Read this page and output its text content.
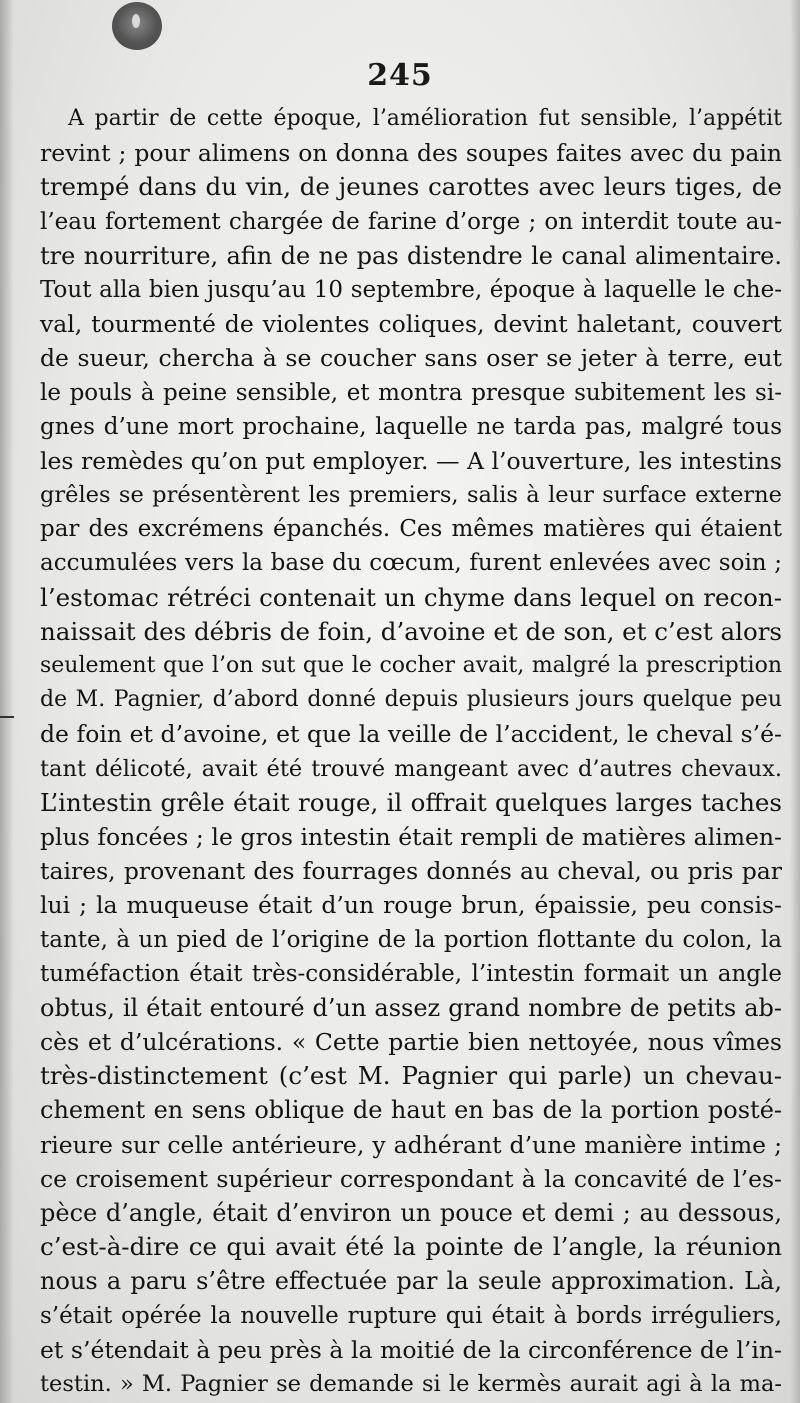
245
A partir de cette époque, l’amélioration fut sensible, l’appétit
revint ; pour alimens on donna des soupes faites avec du pain
trempé dans du vin, de jeunes carottes avec leurs tiges, de
l’eau fortement chargée de farine d’orge ; on interdit toute au-
tre nourriture, afin de ne pas distendre le canal alimentaire.
Tout alla bien jusqu’au 10 septembre, époque à laquelle le che-
val, tourmenté de violentes coliques, devint haletant, couvert
de sueur, chercha à se coucher sans oser se jeter à terre, eut
le pouls à peine sensible, et montra presque subitement les si-
gnes d’une mort prochaine, laquelle ne tarda pas, malgré tous
les remèdes qu’on put employer. — A l’ouverture, les intestins
grêles se présentèrent les premiers, salis à leur surface externe
par des excrémens épanchés. Ces mêmes matières qui étaient
accumulées vers la base du cœcum, furent enlevées avec soin ;
l’estomac rétréci contenait un chyme dans lequel on recon-
naissait des débris de foin, d’avoine et de son, et c’est alors
seulement que l’on sut que le cocher avait, malgré la prescription
de M. Pagnier, d’abord donné depuis plusieurs jours quelque peu
de foin et d’avoine, et que la veille de l’accident, le cheval s’é-
tant délicoté, avait été trouvé mangeant avec d’autres chevaux.
L’intestin grêle était rouge, il offrait quelques larges taches
plus foncées ; le gros intestin était rempli de matières alimen-
taires, provenant des fourrages donnés au cheval, ou pris par
lui ; la muqueuse était d’un rouge brun, épaissie, peu consis-
tante, à un pied de l’origine de la portion flottante du colon, la
tuméfaction était très-considérable, l’intestin formait un angle
obtus, il était entouré d’un assez grand nombre de petits ab-
cès et d’ulcérations. « Cette partie bien nettoyée, nous vîmes
très-distinctement (c’est M. Pagnier qui parle) un chevau-
chement en sens oblique de haut en bas de la portion posté-
rieure sur celle antérieure, y adhérant d’une manière intime ;
ce croisement supérieur correspondant à la concavité de l’es-
pèce d’angle, était d’environ un pouce et demi ; au dessous,
c’est-à-dire ce qui avait été la pointe de l’angle, la réunion
nous a paru s’être effectuée par la seule approximation. Là,
s’était opérée la nouvelle rupture qui était à bords irréguliers,
et s’étendait à peu près à la moitié de la circonférence de l’in-
testin. » M. Pagnier se demande si le kermès aurait agi à la ma-
